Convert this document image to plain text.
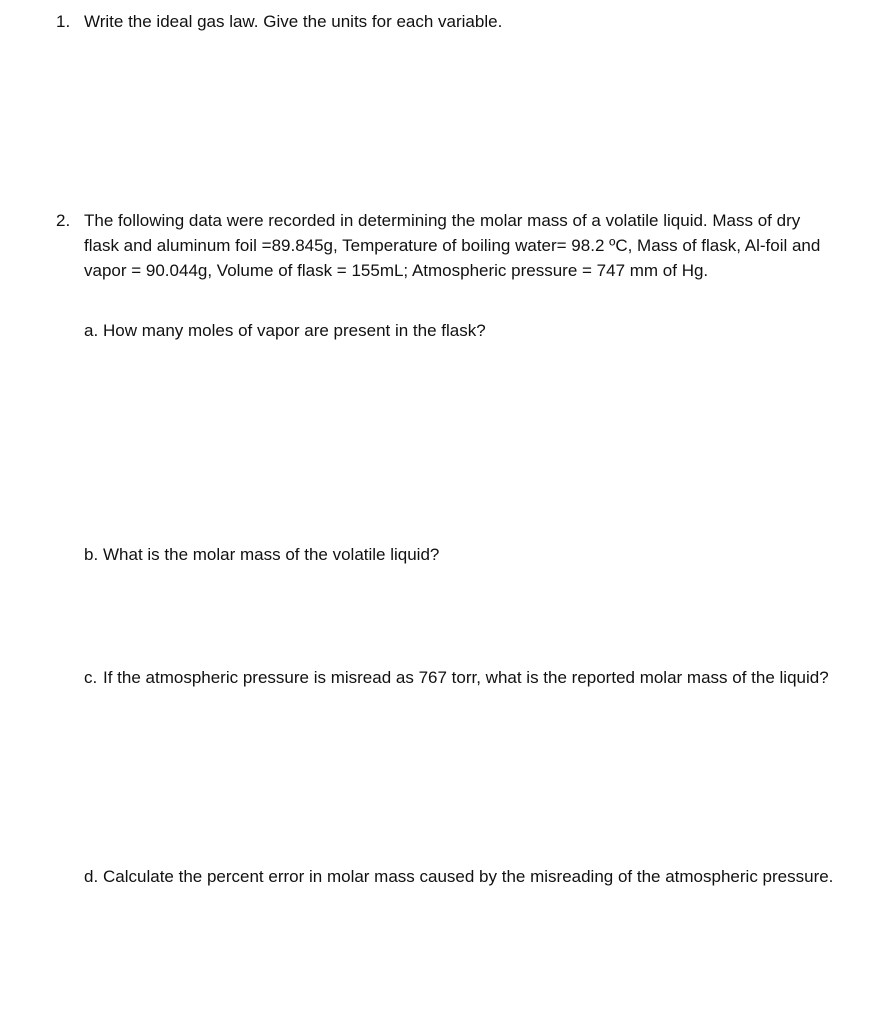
1. Write the ideal gas law. Give the units for each variable.
2. The following data were recorded in determining the molar mass of a volatile liquid. Mass of dry flask and aluminum foil =89.845g, Temperature of boiling water= 98.2 ºC, Mass of flask, Al-foil and vapor = 90.044g, Volume of flask = 155mL; Atmospheric pressure = 747 mm of Hg.
a. How many moles of vapor are present in the flask?
b. What is the molar mass of the volatile liquid?
c. If the atmospheric pressure is misread as 767 torr, what is the reported molar mass of the liquid?
d. Calculate the percent error in molar mass caused by the misreading of the atmospheric pressure.
